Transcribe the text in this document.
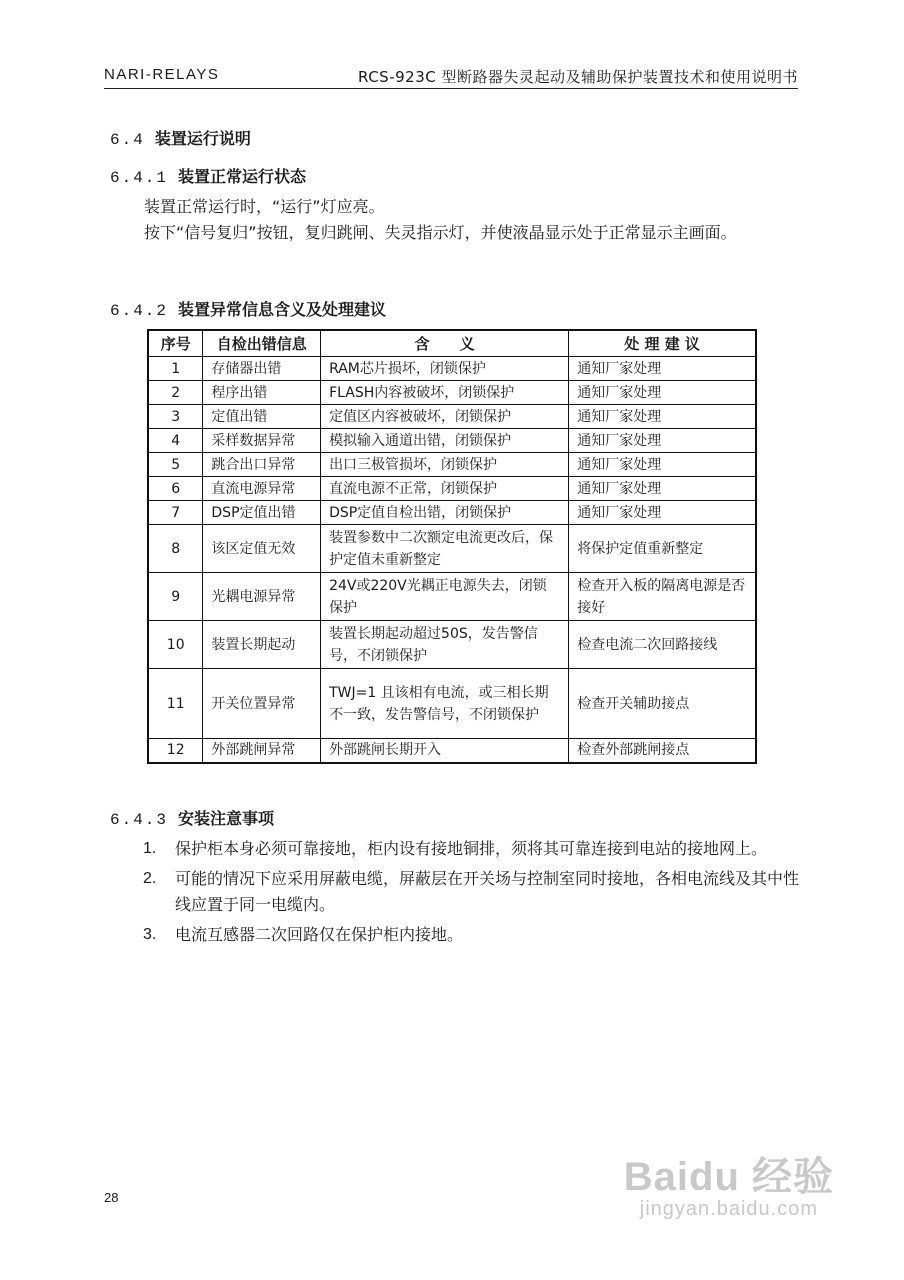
NARI-RELAYS	RCS-923C 型断路器失灵起动及辅助保护装置技术和使用说明书
6.4 装置运行说明
6.4.1 装置正常运行状态

装置正常运行时，“运行”灯应亮。

按下“信号复归”按钮，复归跳闸、失灵指示灯，并使液晶显示处于正常显示主画面。

6.4.2 装置异常信息含义及处理建议
序号	自检出错信息	含　　义	处 理 建 议
1	存储器出错	RAM芯片损坏，闭锁保护	通知厂家处理
2	程序出错	FLASH内容被破坏，闭锁保护	通知厂家处理
3	定值出错	定值区内容被破坏，闭锁保护	通知厂家处理
4	采样数据异常	模拟输入通道出错，闭锁保护	通知厂家处理
5	跳合出口异常	出口三极管损坏，闭锁保护	通知厂家处理
6	直流电源异常	直流电源不正常，闭锁保护	通知厂家处理
7	DSP定值出错	DSP定值自检出错，闭锁保护	通知厂家处理
8	该区定值无效	装置参数中二次额定电流更改后，保护定值未重新整定	将保护定值重新整定
9	光耦电源异常	24V或220V光耦正电源失去，闭锁保护	检查开入板的隔离电源是否接好
10	装置长期起动	装置长期起动超过50S，发告警信号，不闭锁保护	检查电流二次回路接线
11	开关位置异常	TWJ=1 且该相有电流，或三相长期不一致，发告警信号，不闭锁保护	检查开关辅助接点
12	外部跳闸异常	外部跳闸长期开入	检查外部跳闸接点
6.4.3 安装注意事项
1.	保护柜本身必须可靠接地，柜内设有接地铜排，须将其可靠连接到电站的接地网上。
2.	可能的情况下应采用屏蔽电缆，屏蔽层在开关场与控制室同时接地，各相电流线及其中性线应置于同一电缆内。
3.	电流互感器二次回路仅在保护柜内接地。
28	Baidu 经验
jingyan.baidu.com
